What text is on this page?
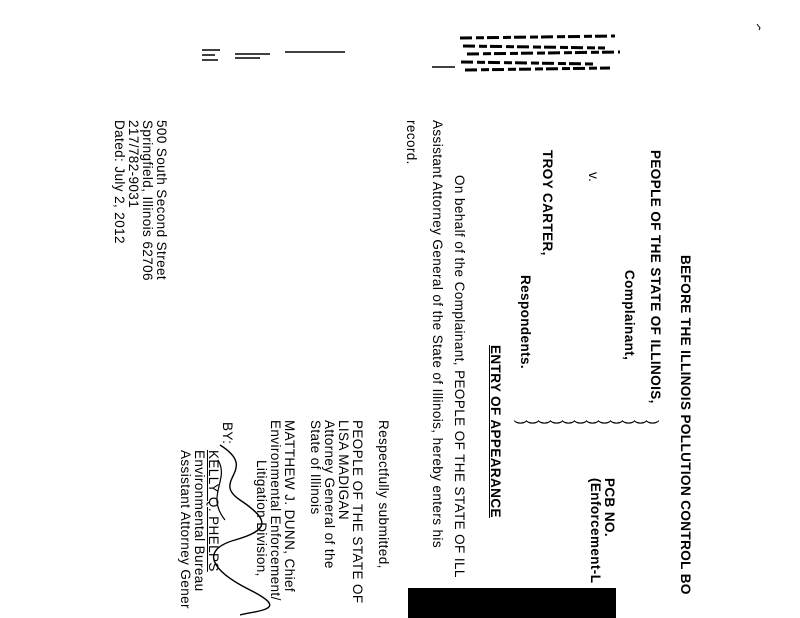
BEFORE THE ILLINOIS POLLUTION CONTROL BO
PEOPLE OF THE STATE OF ILLINOIS,
Complainant,
v.
TROY CARTER,
Respondents.
)
)
)
)
)
)
)
)
)
)
)
)
PCB NO.
(Enforcement-L
ENTRY OF APPEARANCE
On behalf of the Complainant, PEOPLE OF THE STATE OF ILL
Assistant Attorney General of the State of Illinois, hereby enters his
record.
Respectfully submitted,
PEOPLE OF THE STATE OF
LISA MADIGAN
Attorney General of the
State of Illinois
MATTHEW J. DUNN, Chief
Environmental Enforcement/
Litigation Division,
BY:
KELLY Q. PHELPS
Environmental Bureau
Assistant Attorney Gener
500 South Second Street
Springfield, Illinois 62706
217/782-9031
Dated: July 2, 2012
